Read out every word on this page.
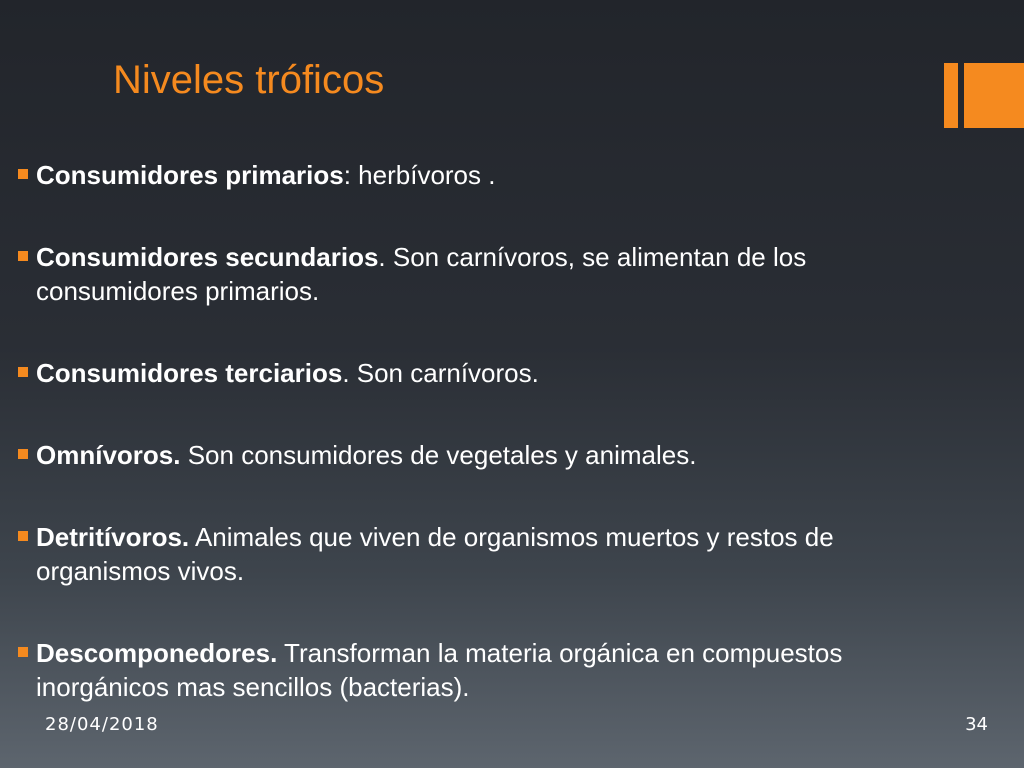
Niveles tróficos
Consumidores primarios: herbívoros .
Consumidores secundarios. Son carnívoros, se alimentan de los consumidores primarios.
Consumidores terciarios. Son carnívoros.
Omnívoros. Son consumidores de vegetales y animales.
Detritívoros. Animales que viven de organismos muertos y restos de organismos vivos.
Descomponedores. Transforman la materia orgánica en compuestos inorgánicos mas sencillos (bacterias).
28/04/2018	34
